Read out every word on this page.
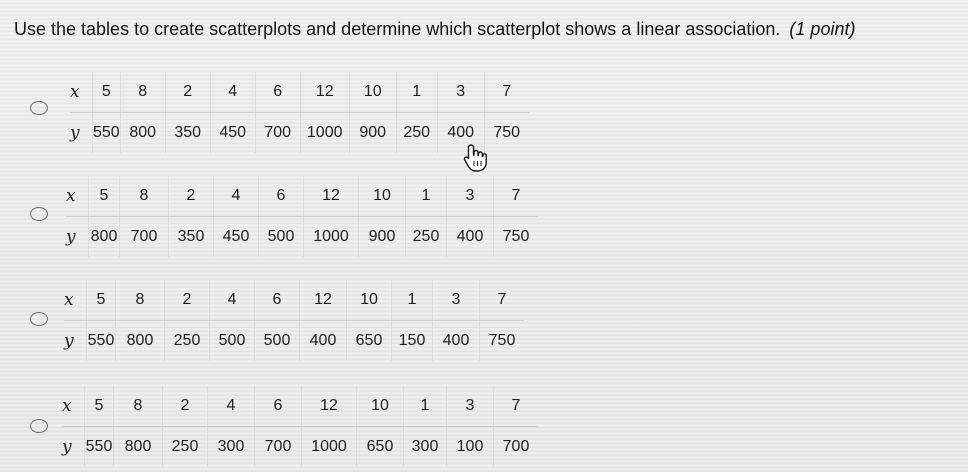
Use the tables to create scatterplots and determine which scatterplot shows a linear association. (1 point)
x	5	8	2	4	6	12	10	1	3	7
y	550	800	350	450	700	1000	900	250	400	750
x	5	8	2	4	6	12	10	1	3	7
y	800	700	350	450	500	1000	900	250	400	750
x	5	8	2	4	6	12	10	1	3	7
y	550	800	250	500	500	400	650	150	400	750
x	5	8	2	4	6	12	10	1	3	7
y	550	800	250	300	700	1000	650	300	100	700
